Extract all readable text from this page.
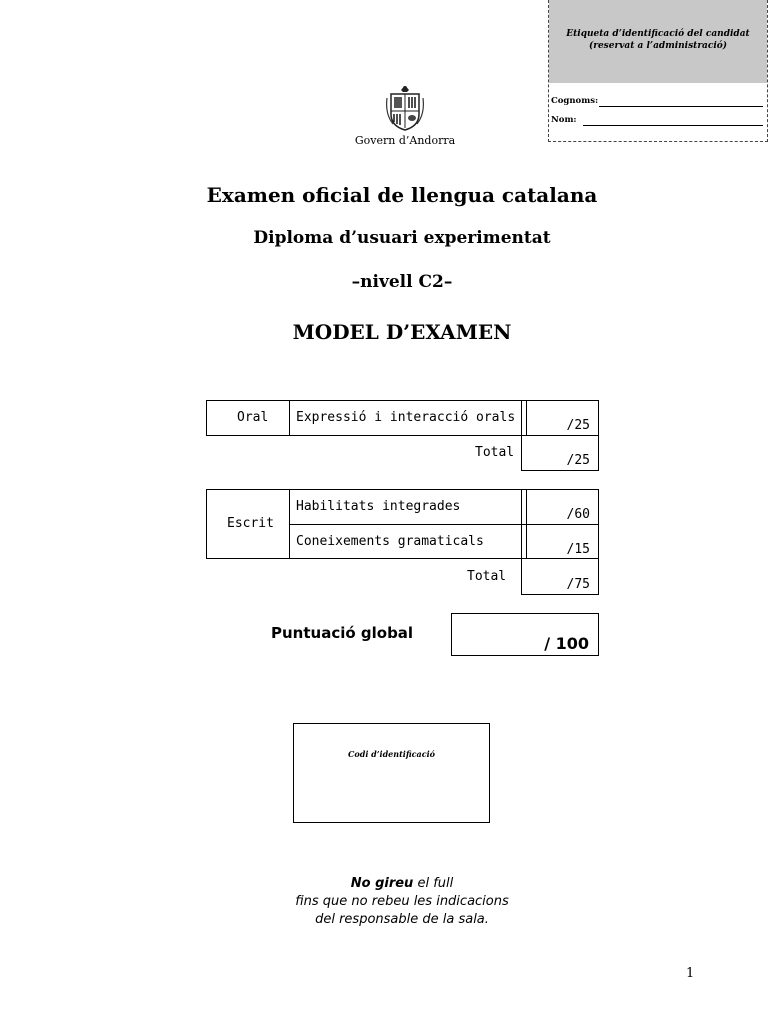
Etiqueta d’identificació del candidat
(reservat a l’administració)
Cognoms:
Nom:
Govern d’Andorra
Examen oficial de llengua catalana
Diploma d’usuari experimentat
–nivell C2–
MODEL D’EXAMEN
Oral Expressió i interacció orals
/25
Total
/25
Escrit
Habilitats integrades
/60
Coneixements gramaticals
/15
Total
/75
Puntuació global
/ 100
Codi d’identificació
No gireu el full
fins que no rebeu les indicacions
del responsable de la sala.
1
